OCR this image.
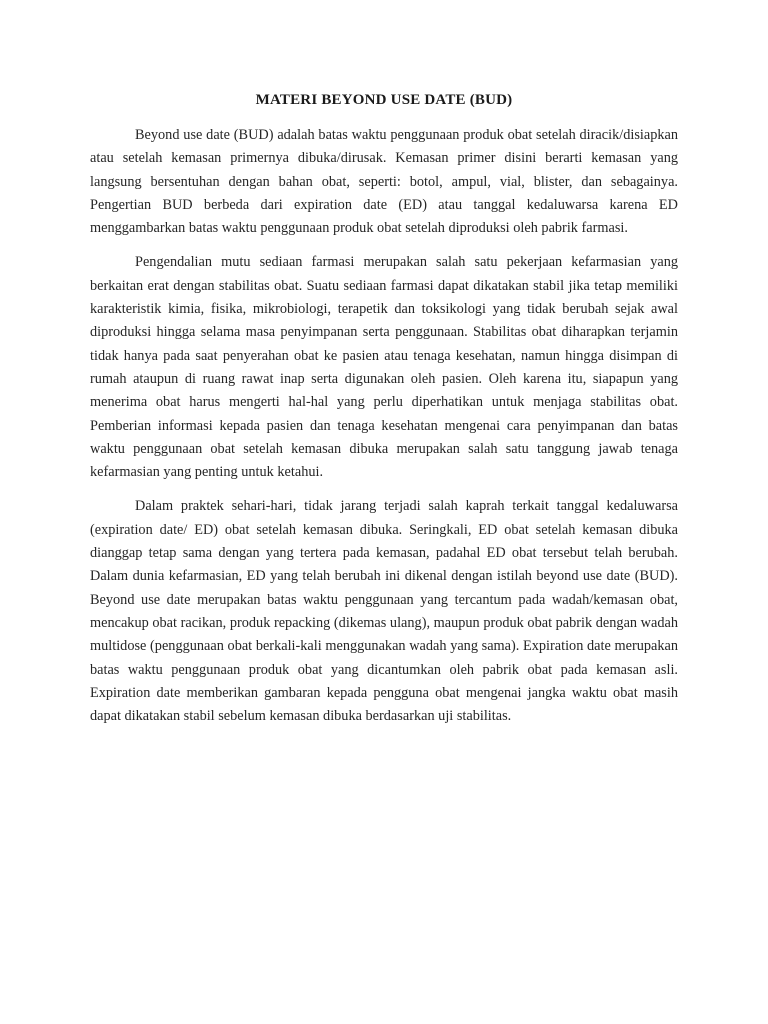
MATERI BEYOND USE DATE (BUD)

Beyond use date (BUD) adalah batas waktu penggunaan produk obat setelah diracik/disiapkan atau setelah kemasan primernya dibuka/dirusak. Kemasan primer disini berarti kemasan yang langsung bersentuhan dengan bahan obat, seperti: botol, ampul, vial, blister, dan sebagainya. Pengertian BUD berbeda dari expiration date (ED) atau tanggal kedaluwarsa karena ED menggambarkan batas waktu penggunaan produk obat setelah diproduksi oleh pabrik farmasi.

Pengendalian mutu sediaan farmasi merupakan salah satu pekerjaan kefarmasian yang berkaitan erat dengan stabilitas obat. Suatu sediaan farmasi dapat dikatakan stabil jika tetap memiliki karakteristik kimia, fisika, mikrobiologi, terapetik dan toksikologi yang tidak berubah sejak awal diproduksi hingga selama masa penyimpanan serta penggunaan. Stabilitas obat diharapkan terjamin tidak hanya pada saat penyerahan obat ke pasien atau tenaga kesehatan, namun hingga disimpan di rumah ataupun di ruang rawat inap serta digunakan oleh pasien. Oleh karena itu, siapapun yang menerima obat harus mengerti hal-hal yang perlu diperhatikan untuk menjaga stabilitas obat. Pemberian informasi kepada pasien dan tenaga kesehatan mengenai cara penyimpanan dan batas waktu penggunaan obat setelah kemasan dibuka merupakan salah satu tanggung jawab tenaga kefarmasian yang penting untuk ketahui.

Dalam praktek sehari-hari, tidak jarang terjadi salah kaprah terkait tanggal kedaluwarsa (expiration date/ ED) obat setelah kemasan dibuka. Seringkali, ED obat setelah kemasan dibuka dianggap tetap sama dengan yang tertera pada kemasan, padahal ED obat tersebut telah berubah. Dalam dunia kefarmasian, ED yang telah berubah ini dikenal dengan istilah beyond use date (BUD). Beyond use date merupakan batas waktu penggunaan yang tercantum pada wadah/kemasan obat, mencakup obat racikan, produk repacking (dikemas ulang), maupun produk obat pabrik dengan wadah multidose (penggunaan obat berkali-kali menggunakan wadah yang sama). Expiration date merupakan batas waktu penggunaan produk obat yang dicantumkan oleh pabrik obat pada kemasan asli. Expiration date memberikan gambaran kepada pengguna obat mengenai jangka waktu obat masih dapat dikatakan stabil sebelum kemasan dibuka berdasarkan uji stabilitas.
